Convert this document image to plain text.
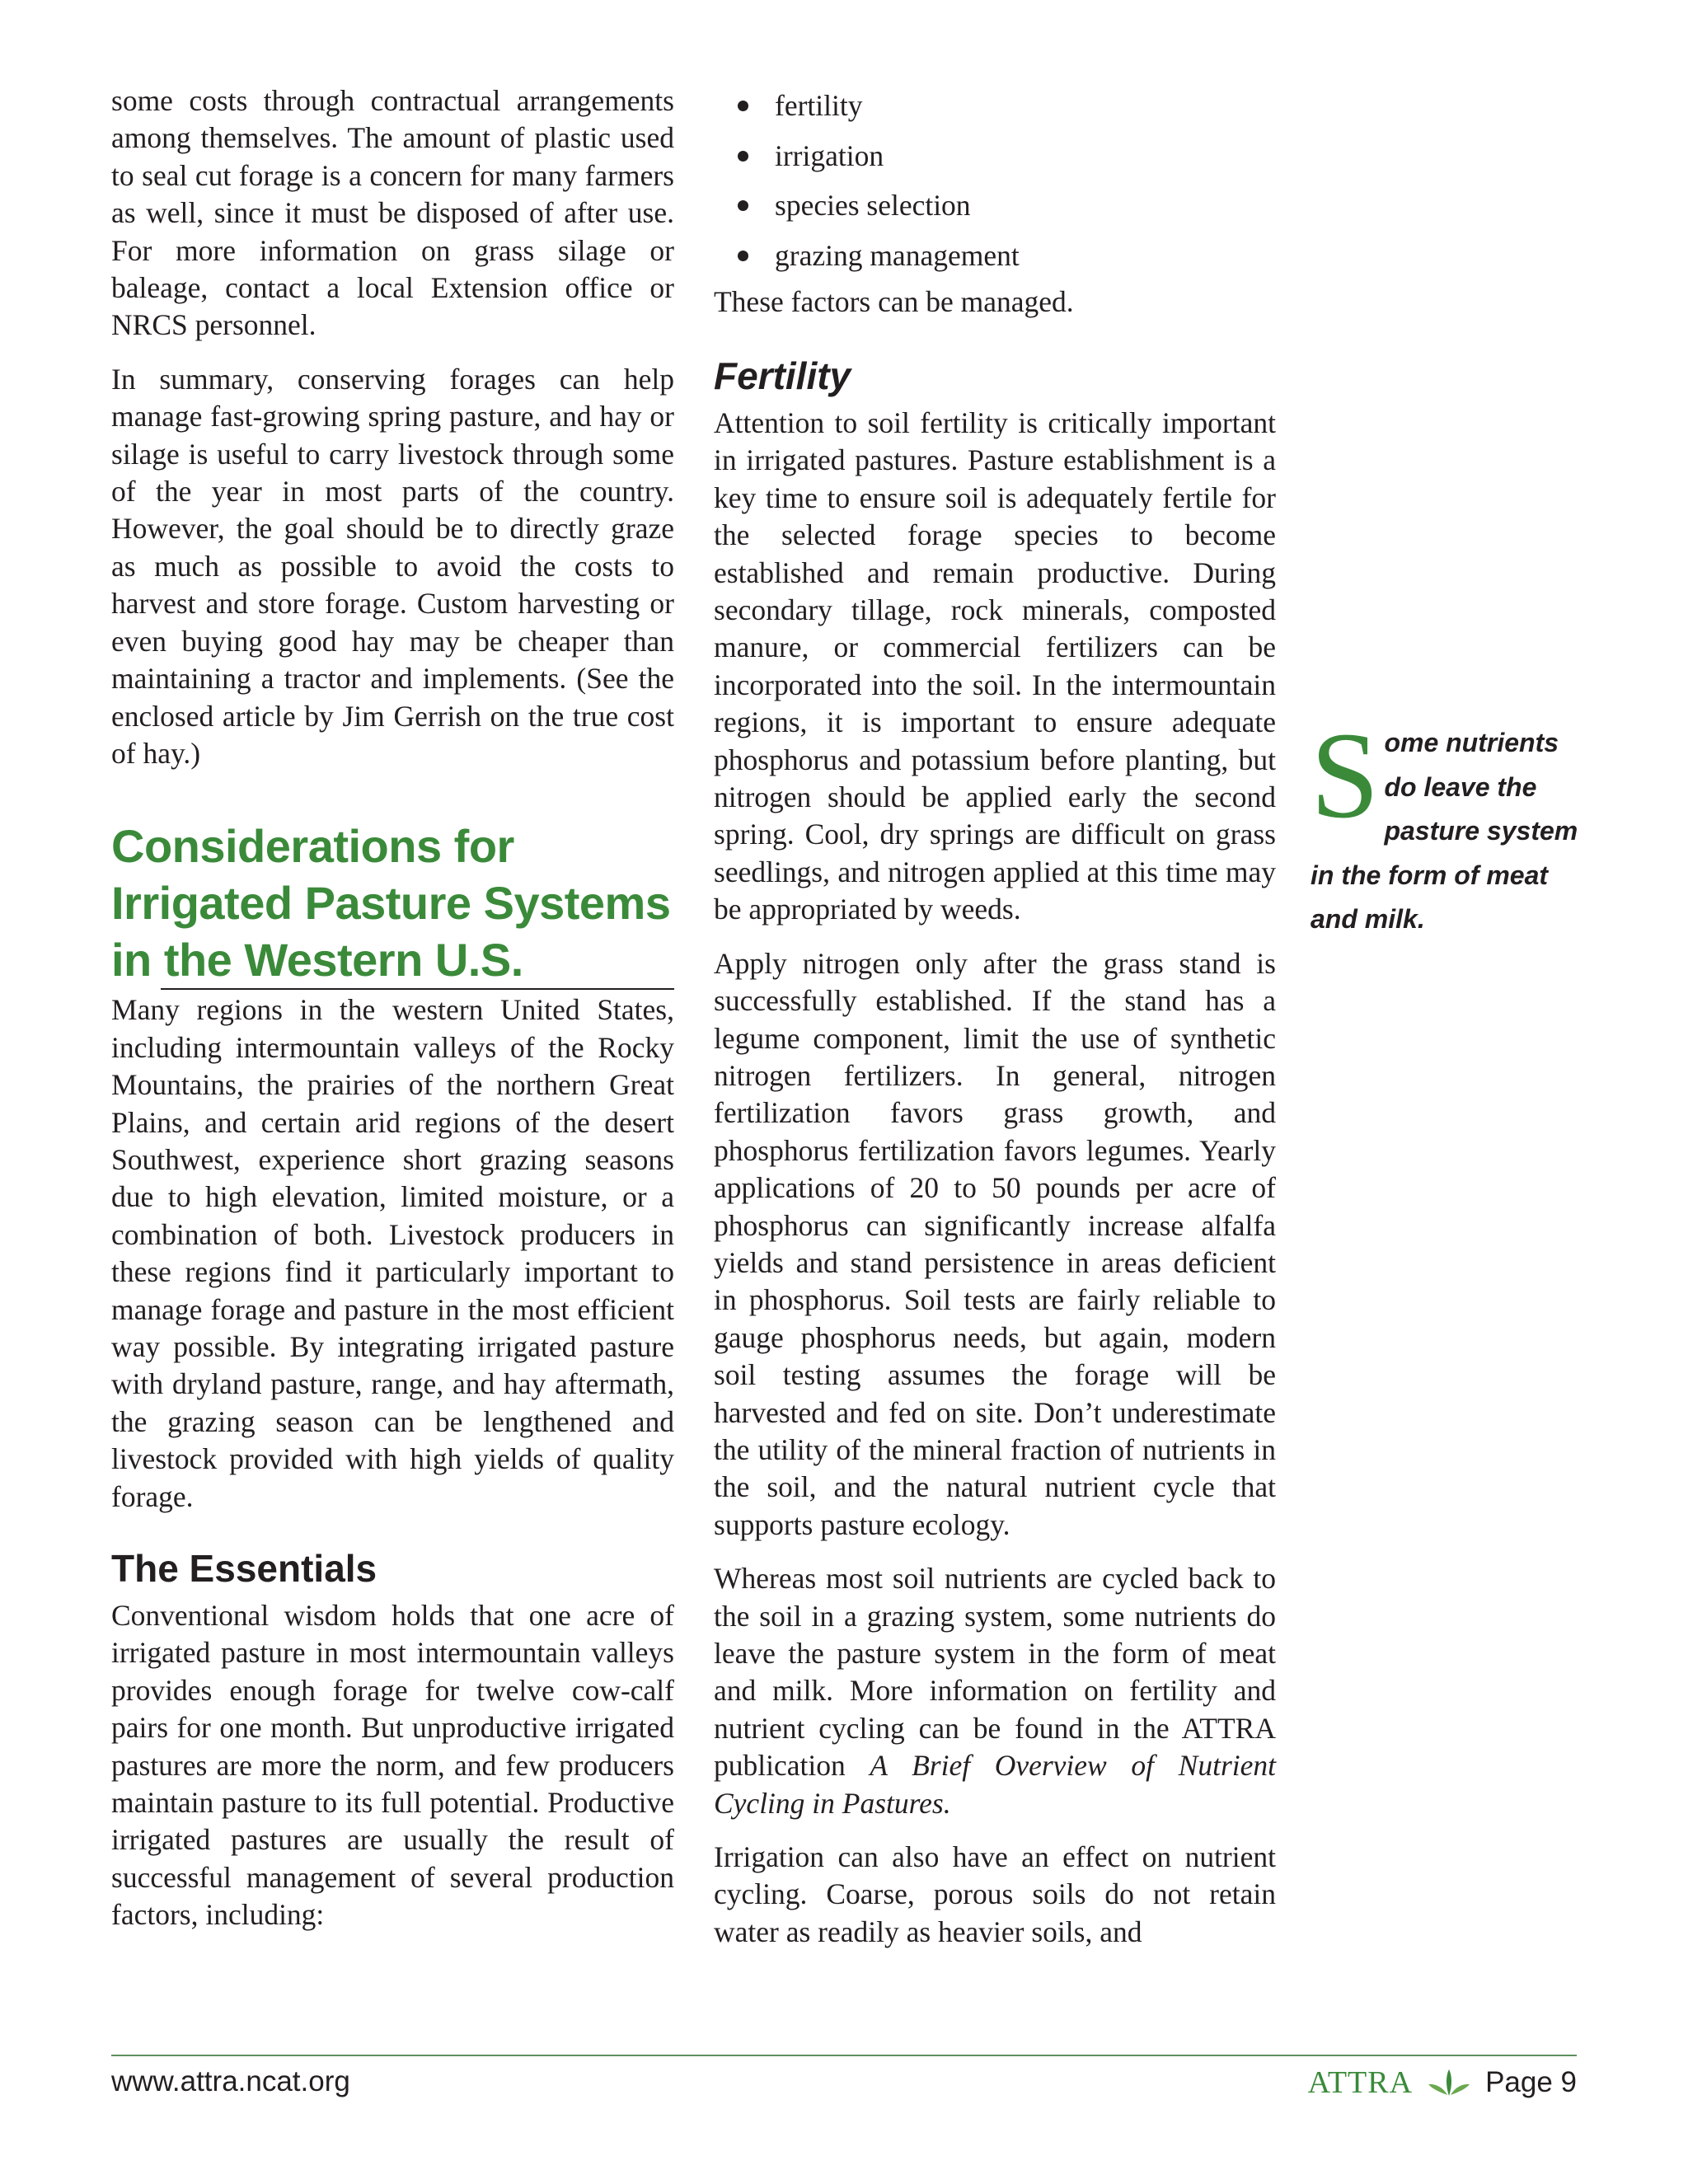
some costs through contractual arrangements among themselves. The amount of plastic used to seal cut forage is a concern for many farmers as well, since it must be disposed of after use. For more information on grass silage or baleage, contact a local Extension office or NRCS personnel.

In summary, conserving forages can help manage fast-growing spring pasture, and hay or silage is useful to carry livestock through some of the year in most parts of the country. However, the goal should be to directly graze as much as possible to avoid the costs to harvest and store forage. Custom harvesting or even buying good hay may be cheaper than maintaining a tractor and implements. (See the enclosed article by Jim Gerrish on the true cost of hay.)

Considerations for Irrigated Pasture Systems in the Western U.S.

Many regions in the western United States, including intermountain valleys of the Rocky Mountains, the prairies of the northern Great Plains, and certain arid regions of the desert Southwest, experience short grazing seasons due to high elevation, limited moisture, or a combination of both. Livestock producers in these regions find it particularly important to manage forage and pasture in the most efficient way possible. By integrating irrigated pasture with dryland pasture, range, and hay aftermath, the grazing season can be lengthened and livestock provided with high yields of quality forage.

The Essentials

Conventional wisdom holds that one acre of irrigated pasture in most intermountain valleys provides enough forage for twelve cow-calf pairs for one month. But unproductive irrigated pastures are more the norm, and few producers maintain pasture to its full potential. Productive irrigated pastures are usually the result of successful management of several production factors, including:

fertility
irrigation
species selection
grazing management

These factors can be managed.

Fertility

Attention to soil fertility is critically important in irrigated pastures. Pasture establishment is a key time to ensure soil is adequately fertile for the selected forage species to become established and remain productive. During secondary tillage, rock minerals, composted manure, or commercial fertilizers can be incorporated into the soil. In the intermountain regions, it is important to ensure adequate phosphorus and potassium before planting, but nitrogen should be applied early the second spring. Cool, dry springs are difficult on grass seedlings, and nitrogen applied at this time may be appropriated by weeds.

Apply nitrogen only after the grass stand is successfully established. If the stand has a legume component, limit the use of synthetic nitrogen fertilizers. In general, nitrogen fertilization favors grass growth, and phosphorus fertilization favors legumes. Yearly applications of 20 to 50 pounds per acre of phosphorus can significantly increase alfalfa yields and stand persistence in areas deficient in phosphorus. Soil tests are fairly reliable to gauge phosphorus needs, but again, modern soil testing assumes the forage will be harvested and fed on site. Don’t underestimate the utility of the mineral fraction of nutrients in the soil, and the natural nutrient cycle that supports pasture ecology.

Whereas most soil nutrients are cycled back to the soil in a grazing system, some nutrients do leave the pasture system in the form of meat and milk. More information on fertility and nutrient cycling can be found in the ATTRA publication A Brief Overview of Nutrient Cycling in Pastures.

Irrigation can also have an effect on nutrient cycling. Coarse, porous soils do not retain water as readily as heavier soils, and

Some nutrients do leave the pasture system in the form of meat and milk.
www.attra.ncat.org	ATTRA	Page 9
